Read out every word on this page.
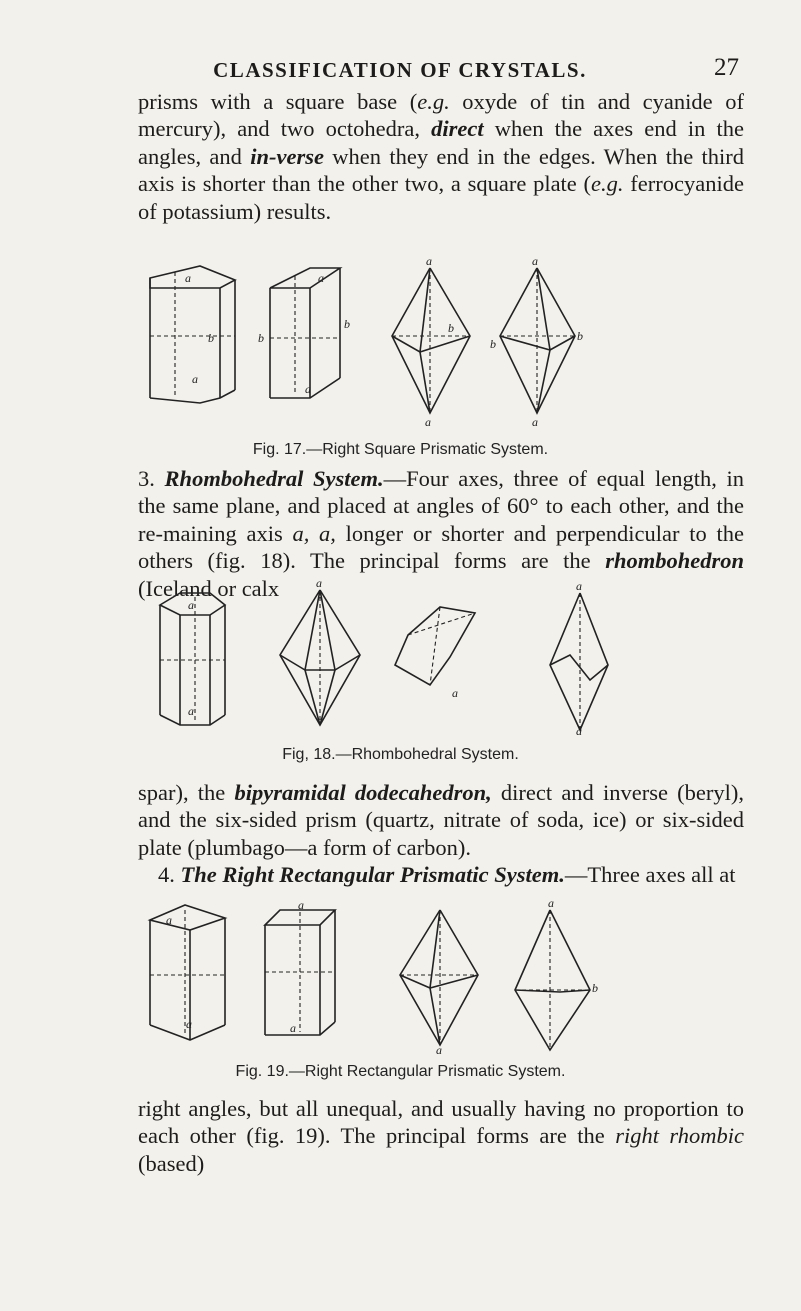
CLASSIFICATION OF CRYSTALS.	27

prisms with a square base (e.g. oxyde of tin and cyanide of mercury), and two octohedra, direct when the axes end in the angles, and in-verse when they end in the edges. When the third axis is shorter than the other two, a square plate (e.g. ferrocyanide of potassium) results.

a
b
a
a
b
b
a
a
a
b
a
a
b
b
Fig. 17.—Right Square Prismatic System.

3. Rhombohedral System.—Four axes, three of equal length, in the same plane, and placed at angles of 60° to each other, and the re-maining axis a, a, longer or shorter and perpendicular to the others (fig. 18). The principal forms are the rhombohedron (Iceland or calx

a
a
a
a
a
a
Fig, 18.—Rhombohedral System.

spar), the bipyramidal dodecahedron, direct and inverse (beryl), and the six-sided prism (quartz, nitrate of soda, ice) or six-sided plate (plumbago—a form of carbon).

4. The Right Rectangular Prismatic System.—Three axes all at

a
a
a
a
a
a
b
Fig. 19.—Right Rectangular Prismatic System.

right angles, but all unequal, and usually having no proportion to each other (fig. 19). The principal forms are the right rhombic (based)
